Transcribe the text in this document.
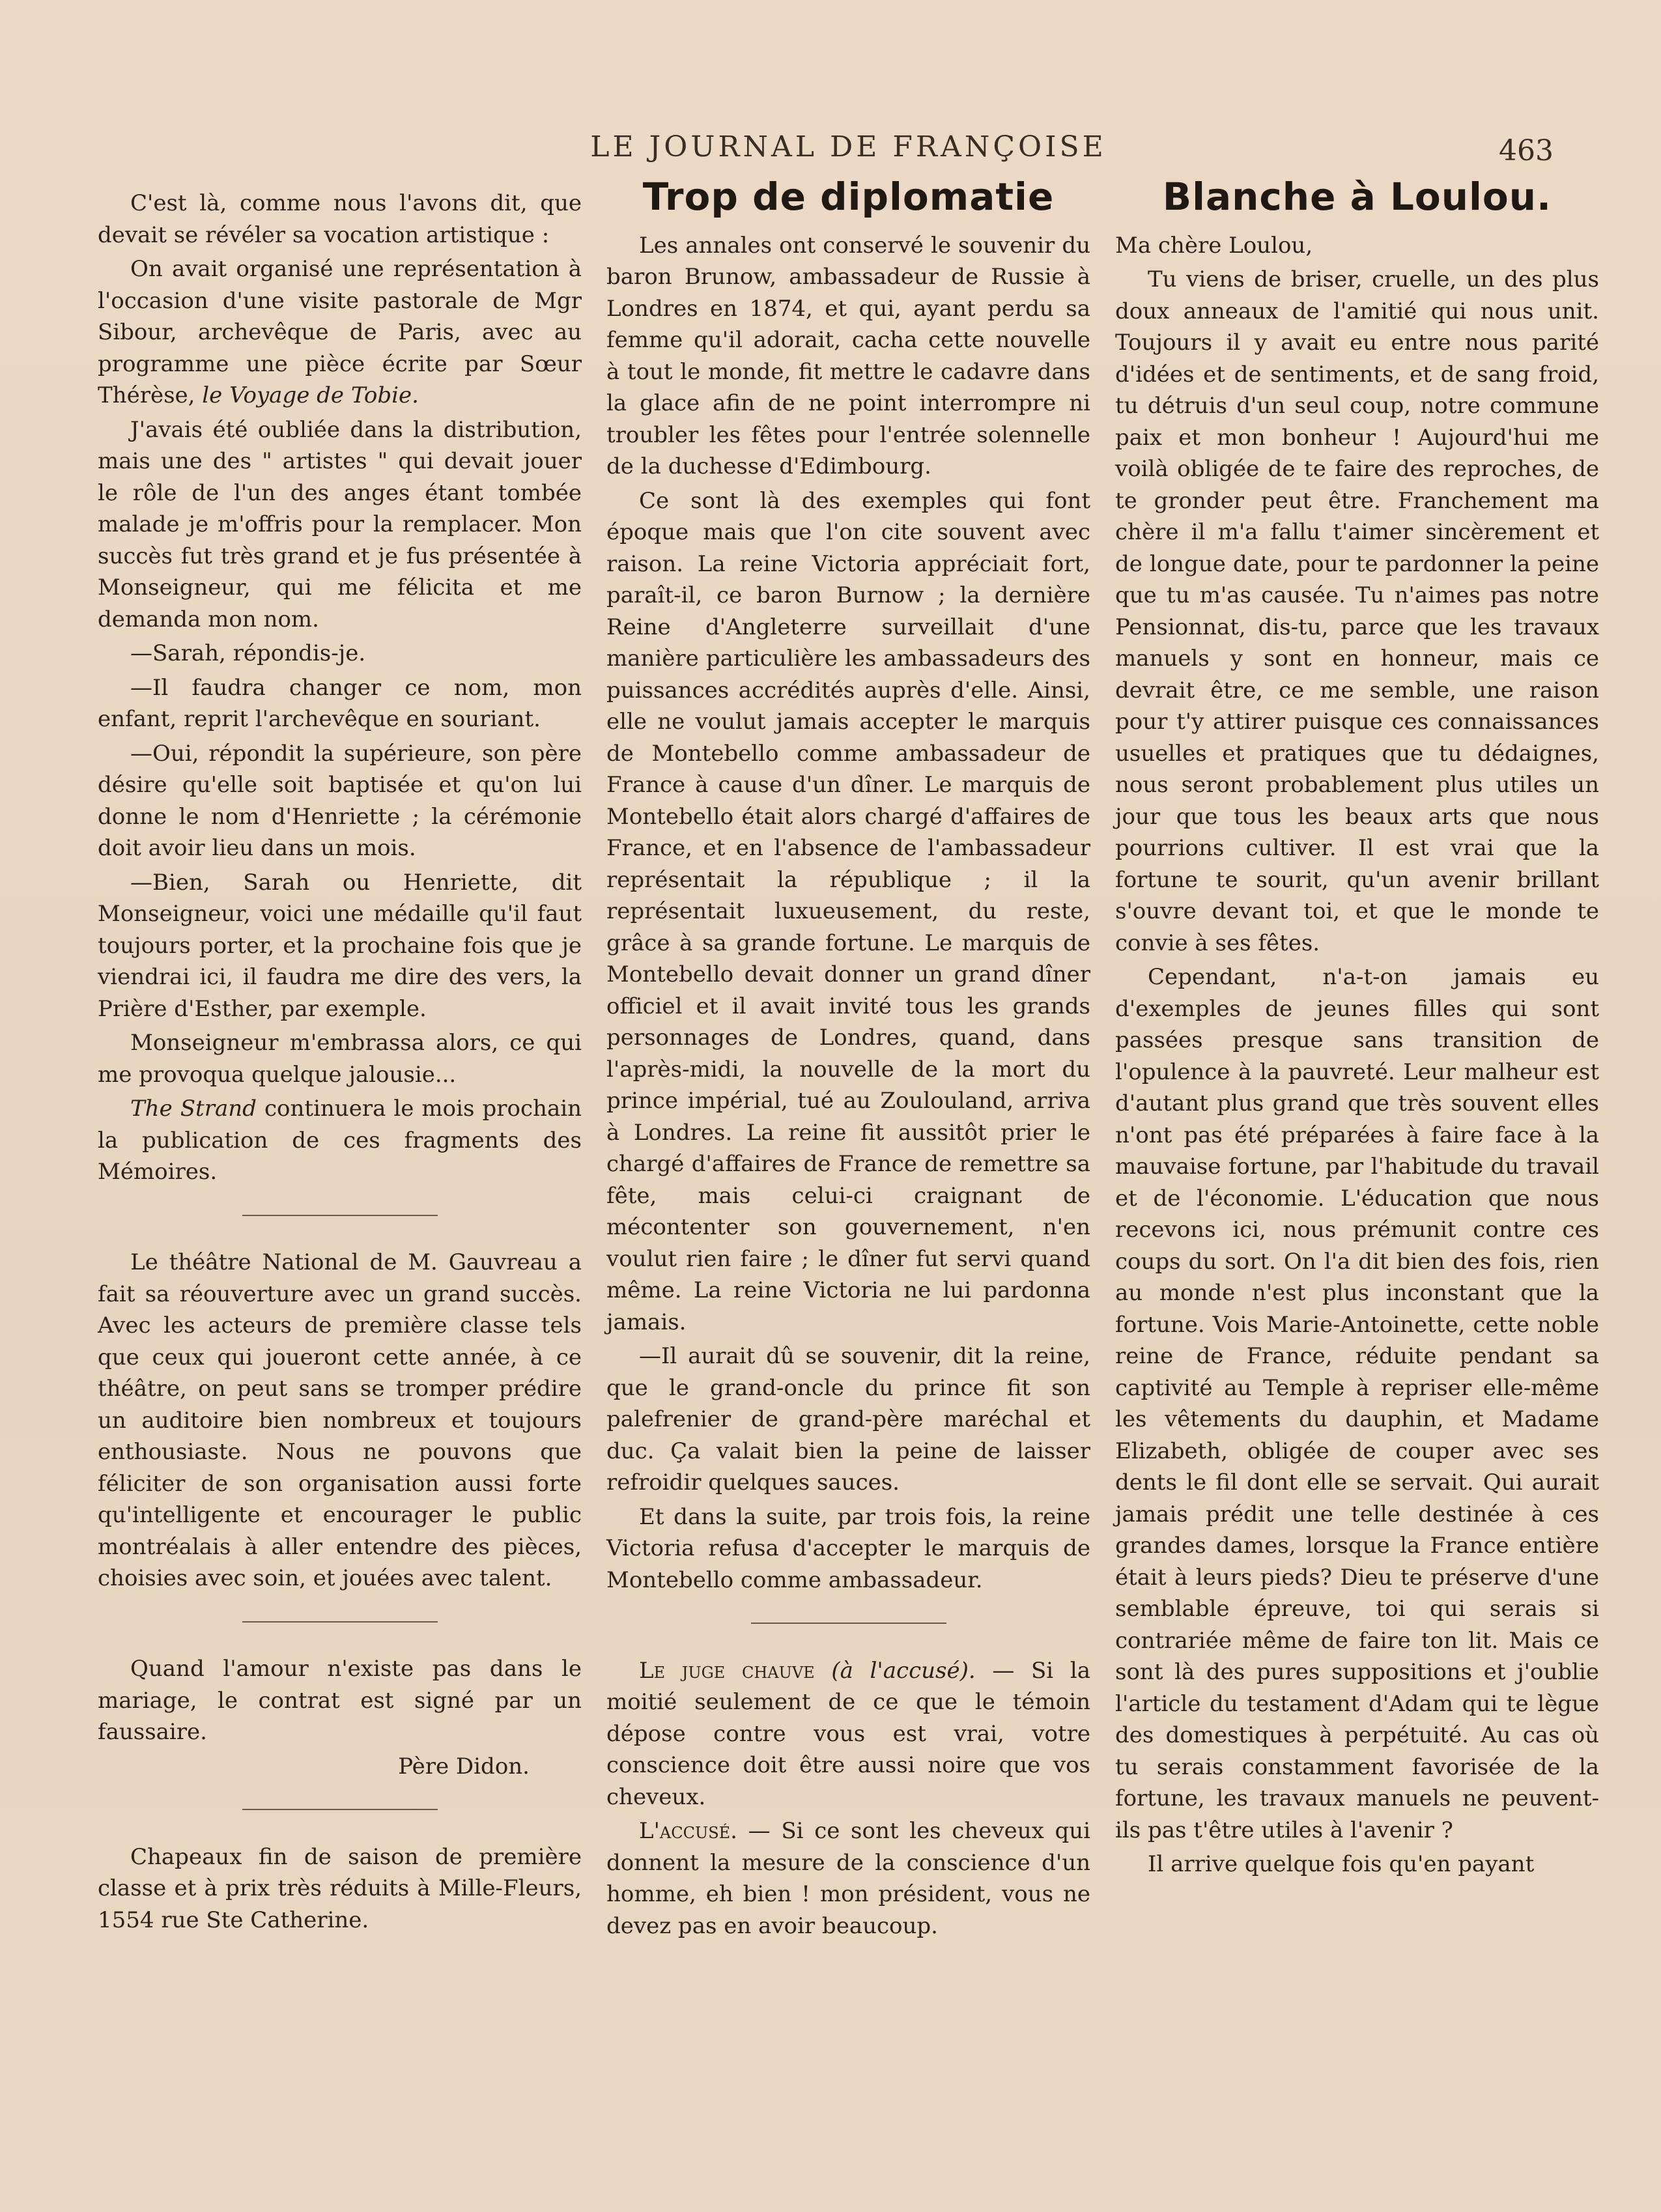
LE JOURNAL DE FRANÇOISE	463

C'est là, comme nous l'avons dit, que devait se révéler sa vocation artistique :

On avait organisé une représentation à l'occasion d'une visite pastorale de Mgr Sibour, archevêque de Paris, avec au programme une pièce écrite par Sœur Thérèse, le Voyage de Tobie.

J'avais été oubliée dans la distribution, mais une des " artistes " qui devait jouer le rôle de l'un des anges étant tombée malade je m'offris pour la remplacer. Mon succès fut très grand et je fus présentée à Monseigneur, qui me félicita et me demanda mon nom.

—Sarah, répondis-je.

—Il faudra changer ce nom, mon enfant, reprit l'archevêque en souriant.

—Oui, répondit la supérieure, son père désire qu'elle soit baptisée et qu'on lui donne le nom d'Henriette ; la cérémonie doit avoir lieu dans un mois.

—Bien, Sarah ou Henriette, dit Monseigneur, voici une médaille qu'il faut toujours porter, et la prochaine fois que je viendrai ici, il faudra me dire des vers, la Prière d'Esther, par exemple.

Monseigneur m'embrassa alors, ce qui me provoqua quelque jalousie...

The Strand continuera le mois prochain la publication de ces fragments des Mémoires.

Le théâtre National de M. Gauvreau a fait sa réouverture avec un grand succès. Avec les acteurs de première classe tels que ceux qui joueront cette année, à ce théâtre, on peut sans se tromper prédire un auditoire bien nombreux et toujours enthousiaste. Nous ne pouvons que féliciter de son organisation aussi forte qu'intelligente et encourager le public montréalais à aller entendre des pièces, choisies avec soin, et jouées avec talent.

Quand l'amour n'existe pas dans le mariage, le contrat est signé par un faussaire.

Père Didon.

Chapeaux fin de saison de première classe et à prix très réduits à Mille-Fleurs, 1554 rue Ste Catherine.

Trop de diplomatie

Les annales ont conservé le souvenir du baron Brunow, ambassadeur de Russie à Londres en 1874, et qui, ayant perdu sa femme qu'il adorait, cacha cette nouvelle à tout le monde, fit mettre le cadavre dans la glace afin de ne point interrompre ni troubler les fêtes pour l'entrée solennelle de la duchesse d'Edimbourg.

Ce sont là des exemples qui font époque mais que l'on cite souvent avec raison. La reine Victoria appréciait fort, paraît-il, ce baron Burnow ; la dernière Reine d'Angleterre surveillait d'une manière particulière les ambassadeurs des puissances accrédités auprès d'elle. Ainsi, elle ne voulut jamais accepter le marquis de Montebello comme ambassadeur de France à cause d'un dîner. Le marquis de Montebello était alors chargé d'affaires de France, et en l'absence de l'ambassadeur représentait la république ; il la représentait luxueusement, du reste, grâce à sa grande fortune. Le marquis de Montebello devait donner un grand dîner officiel et il avait invité tous les grands personnages de Londres, quand, dans l'après-midi, la nouvelle de la mort du prince impérial, tué au Zoulouland, arriva à Londres. La reine fit aussitôt prier le chargé d'affaires de France de remettre sa fête, mais celui-ci craignant de mécontenter son gouvernement, n'en voulut rien faire ; le dîner fut servi quand même. La reine Victoria ne lui pardonna jamais.

—Il aurait dû se souvenir, dit la reine, que le grand-oncle du prince fit son palefrenier de grand-père maréchal et duc. Ça valait bien la peine de laisser refroidir quelques sauces.

Et dans la suite, par trois fois, la reine Victoria refusa d'accepter le marquis de Montebello comme ambassadeur.

Le juge chauve (à l'accusé). — Si la moitié seulement de ce que le témoin dépose contre vous est vrai, votre conscience doit être aussi noire que vos cheveux.

L'accusé. — Si ce sont les cheveux qui donnent la mesure de la conscience d'un homme, eh bien ! mon président, vous ne devez pas en avoir beaucoup.

Blanche à Loulou.

Ma chère Loulou,

Tu viens de briser, cruelle, un des plus doux anneaux de l'amitié qui nous unit. Toujours il y avait eu entre nous parité d'idées et de sentiments, et de sang froid, tu détruis d'un seul coup, notre commune paix et mon bonheur ! Aujourd'hui me voilà obligée de te faire des reproches, de te gronder peut être. Franchement ma chère il m'a fallu t'aimer sincèrement et de longue date, pour te pardonner la peine que tu m'as causée. Tu n'aimes pas notre Pensionnat, dis-tu, parce que les travaux manuels y sont en honneur, mais ce devrait être, ce me semble, une raison pour t'y attirer puisque ces connaissances usuelles et pratiques que tu dédaignes, nous seront probablement plus utiles un jour que tous les beaux arts que nous pourrions cultiver. Il est vrai que la fortune te sourit, qu'un avenir brillant s'ouvre devant toi, et que le monde te convie à ses fêtes.

Cependant, n'a-t-on jamais eu d'exemples de jeunes filles qui sont passées presque sans transition de l'opulence à la pauvreté. Leur malheur est d'autant plus grand que très souvent elles n'ont pas été préparées à faire face à la mauvaise fortune, par l'habitude du travail et de l'économie. L'éducation que nous recevons ici, nous prémunit contre ces coups du sort. On l'a dit bien des fois, rien au monde n'est plus inconstant que la fortune. Vois Marie-Antoinette, cette noble reine de France, réduite pendant sa captivité au Temple à repriser elle-même les vêtements du dauphin, et Madame Elizabeth, obligée de couper avec ses dents le fil dont elle se servait. Qui aurait jamais prédit une telle destinée à ces grandes dames, lorsque la France entière était à leurs pieds? Dieu te préserve d'une semblable épreuve, toi qui serais si contrariée même de faire ton lit. Mais ce sont là des pures suppositions et j'oublie l'article du testament d'Adam qui te lègue des domestiques à perpétuité. Au cas où tu serais constamment favorisée de la fortune, les travaux manuels ne peuvent-ils pas t'être utiles à l'avenir ?

Il arrive quelque fois qu'en payant
